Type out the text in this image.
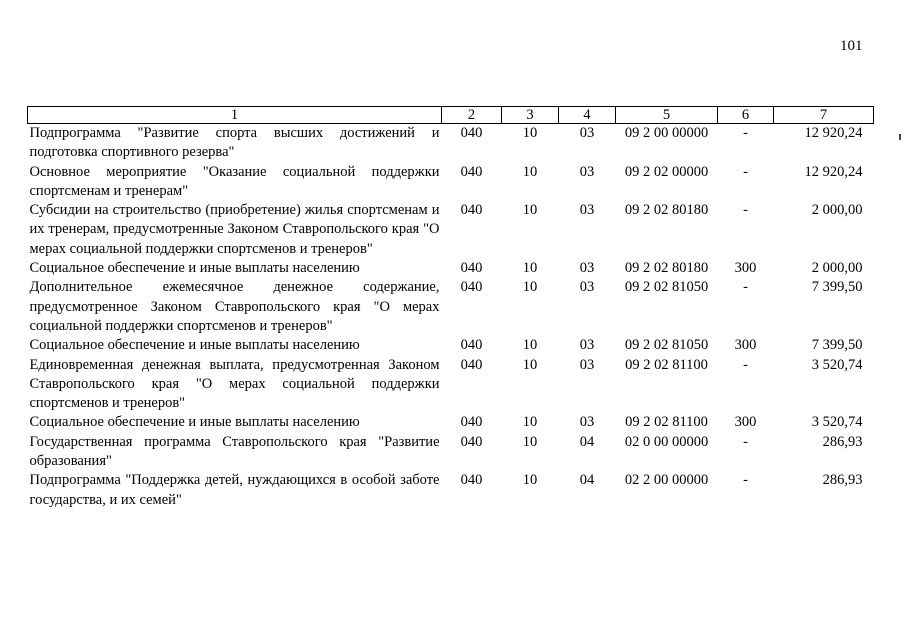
101
1	2	3	4	5	6	7
Подпрограмма "Развитие спорта высших достижений и подготовка спортивного резерва"	040	10	03	09 2 00 00000	-	12 920,24
Основное мероприятие "Оказание социальной поддержки спортсменам и тренерам"	040	10	03	09 2 02 00000	-	12 920,24
Субсидии на строительство (приобретение) жилья спортсменам и их тренерам, предусмотренные Законом Ставропольского края "О мерах социальной поддержки спортсменов и тренеров"	040	10	03	09 2 02 80180	-	2 000,00
Социальное обеспечение и иные выплаты населению	040	10	03	09 2 02 80180	300	2 000,00
Дополнительное ежемесячное денежное содержание, предусмотренное Законом Ставропольского края "О мерах социальной поддержки спортсменов и тренеров"	040	10	03	09 2 02 81050	-	7 399,50
Социальное обеспечение и иные выплаты населению	040	10	03	09 2 02 81050	300	7 399,50
Единовременная денежная выплата, предусмотренная Законом Ставропольского края "О мерах социальной поддержки спортсменов и тренеров"	040	10	03	09 2 02 81100	-	3 520,74
Социальное обеспечение и иные выплаты населению	040	10	03	09 2 02 81100	300	3 520,74
Государственная программа Ставропольского края "Развитие образования"	040	10	04	02 0 00 00000	-	286,93
Подпрограмма "Поддержка детей, нуждающихся в особой заботе государства, и их семей"	040	10	04	02 2 00 00000	-	286,93
